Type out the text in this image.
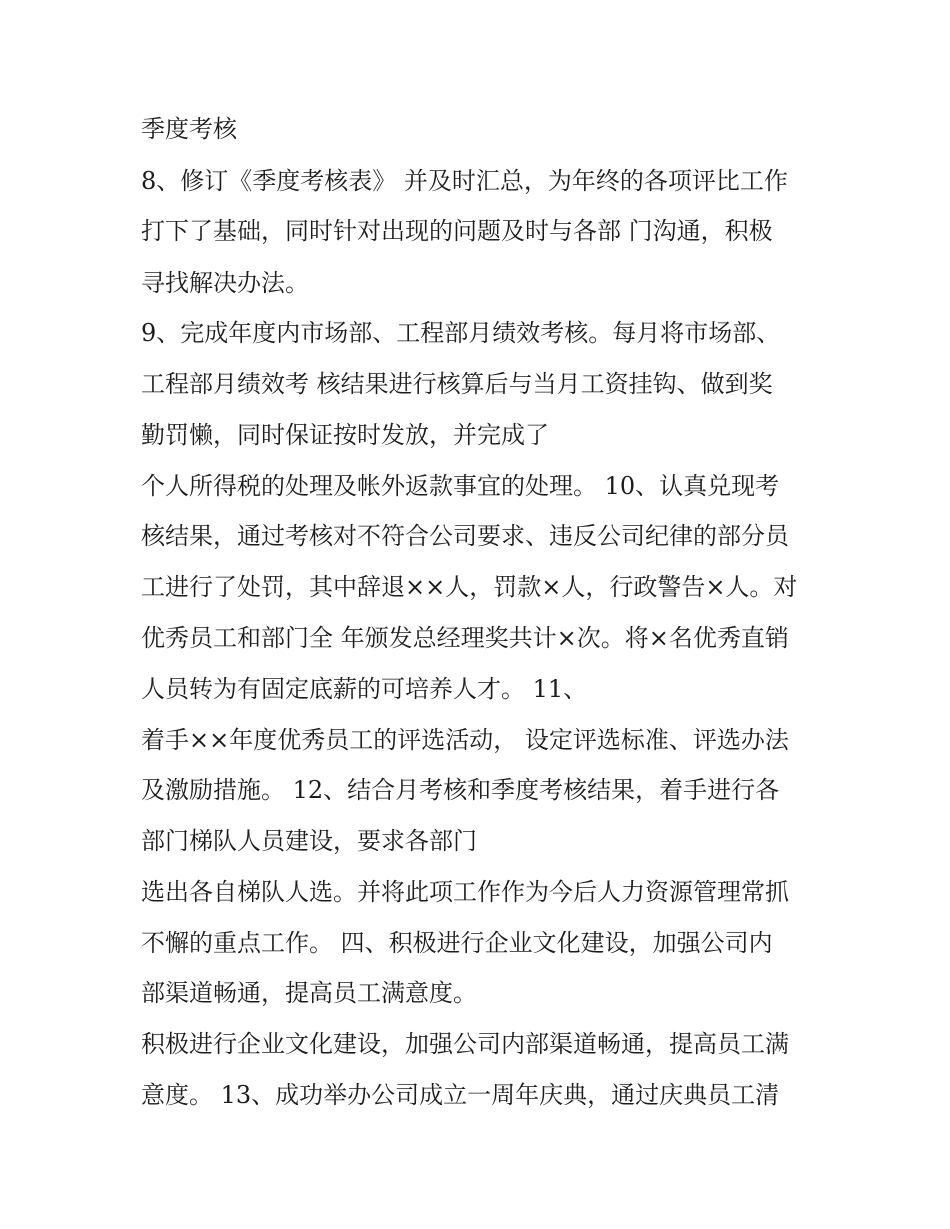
季度考核
8、修订《季度考核表》 并及时汇总，为年终的各项评比工作
打下了基础，同时针对出现的问题及时与各部 门沟通，积极
寻找解决办法。
9、完成年度内市场部、工程部月绩效考核。每月将市场部、
工程部月绩效考 核结果进行核算后与当月工资挂钩、做到奖
勤罚懒，同时保证按时发放，并完成了
个人所得税的处理及帐外返款事宜的处理。 10、认真兑现考
核结果，通过考核对不符合公司要求、违反公司纪律的部分员
工进行了处罚，其中辞退××人，罚款×人，行政警告×人。对
优秀员工和部门全 年颁发总经理奖共计×次。将×名优秀直销
人员转为有固定底薪的可培养人才。 11、
着手××年度优秀员工的评选活动， 设定评选标准、评选办法
及激励措施。 12、结合月考核和季度考核结果，着手进行各
部门梯队人员建设，要求各部门
选出各自梯队人选。并将此项工作作为今后人力资源管理常抓
不懈的重点工作。 四、积极进行企业文化建设，加强公司内
部渠道畅通，提高员工满意度。
积极进行企业文化建设，加强公司内部渠道畅通，提高员工满
意度。 13、成功举办公司成立一周年庆典，通过庆典员工清
